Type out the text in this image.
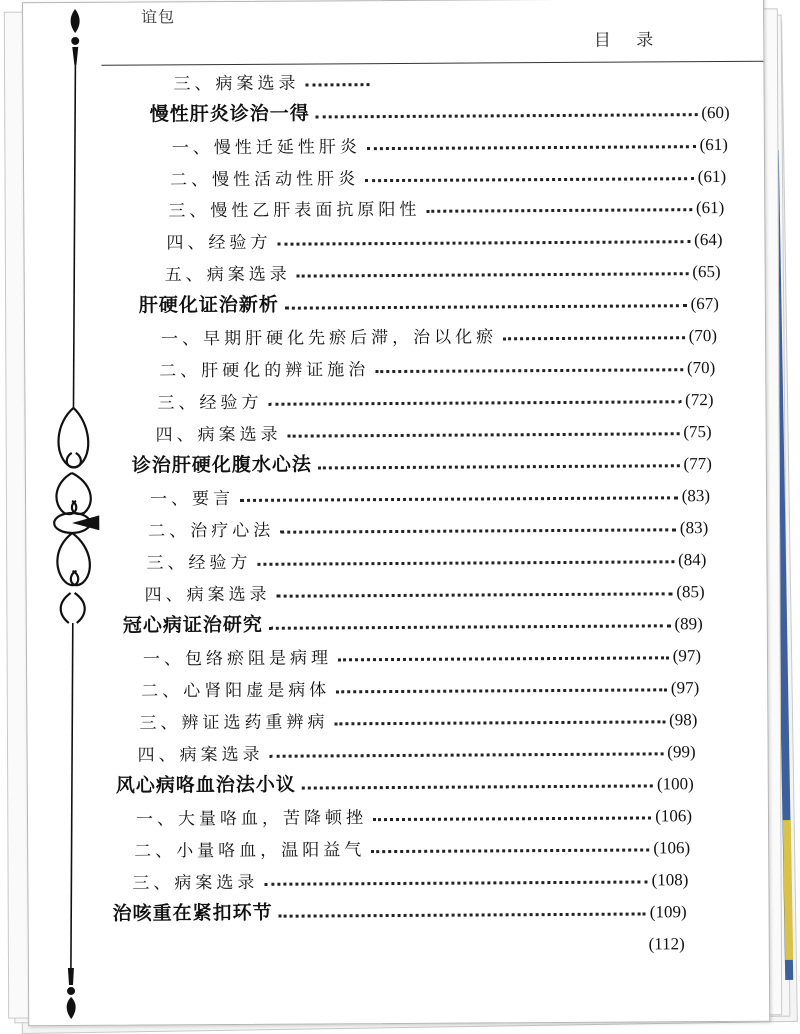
谊包
目 录
三、病案选录
慢性肝炎诊治一得	(60)
一、慢性迁延性肝炎	(61)
二、慢性活动性肝炎	(61)
三、慢性乙肝表面抗原阳性	(61)
四、经验方	(64)
五、病案选录	(65)
肝硬化证治新析	(67)
一、早期肝硬化先瘀后滞，治以化瘀	(70)
二、肝硬化的辨证施治	(70)
三、经验方	(72)
四、病案选录	(75)
诊治肝硬化腹水心法	(77)
一、要言	(83)
二、治疗心法	(83)
三、经验方	(84)
四、病案选录	(85)
冠心病证治研究	(89)
一、包络瘀阻是病理	(97)
二、心肾阳虚是病体	(97)
三、辨证选药重辨病	(98)
四、病案选录	(99)
风心病咯血治法小议	(100)
一、大量咯血，苦降顿挫	(106)
二、小量咯血，温阳益气	(106)
三、病案选录	(108)
治咳重在紧扣环节	(109)
(112)
